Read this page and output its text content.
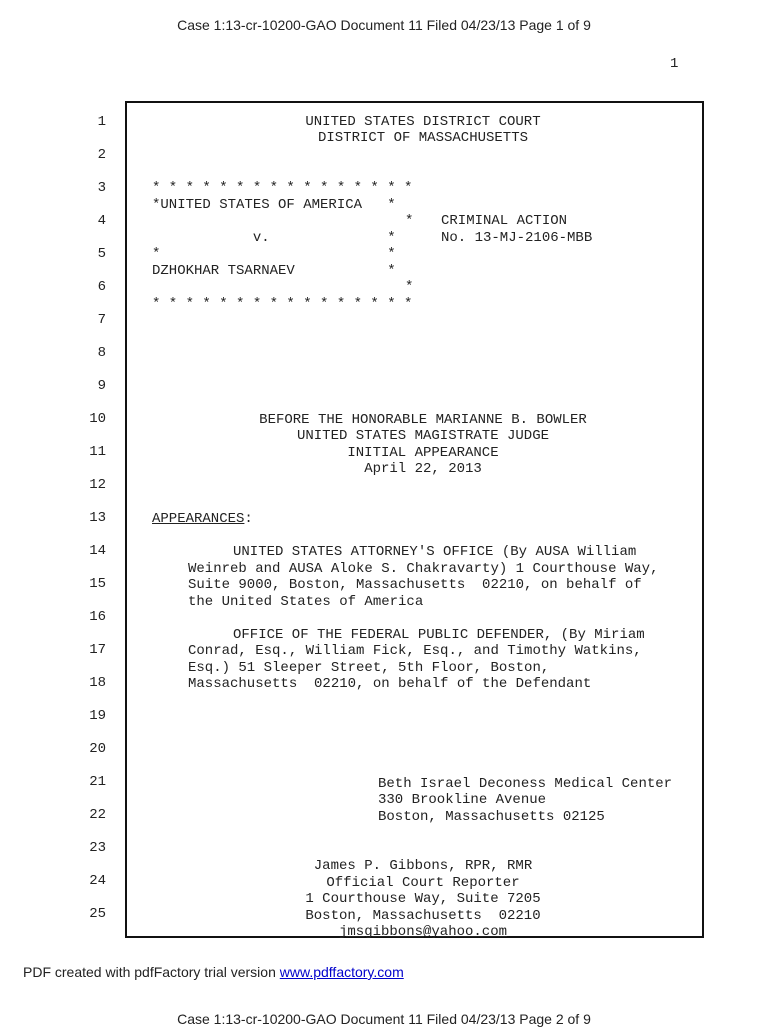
Case 1:13-cr-10200-GAO Document 11 Filed 04/23/13 Page 1 of 9
1
1
2
3
4
5
6
7
8
9
10
11
12
13
14
15
16
17
18
19
20
21
22
23
24
25
UNITED STATES DISTRICT COURT
DISTRICT OF MASSACHUSETTS
* * * * * * * * * * * * * * * *
*UNITED STATES OF AMERICA   *
*
v.              *
*                           *
DZHOKHAR TSARNAEV           *
*
* * * * * * * * * * * * * * * *
CRIMINAL ACTION
No. 13-MJ-2106-MBB
BEFORE THE HONORABLE MARIANNE B. BOWLER
UNITED STATES MAGISTRATE JUDGE
INITIAL APPEARANCE
April 22, 2013
APPEARANCES:
UNITED STATES ATTORNEY'S OFFICE (By AUSA William
Weinreb and AUSA Aloke S. Chakravarty) 1 Courthouse Way,
Suite 9000, Boston, Massachusetts  02210, on behalf of
the United States of America
OFFICE OF THE FEDERAL PUBLIC DEFENDER, (By Miriam
Conrad, Esq., William Fick, Esq., and Timothy Watkins,
Esq.) 51 Sleeper Street, 5th Floor, Boston,
Massachusetts  02210, on behalf of the Defendant
Beth Israel Deconess Medical Center
330 Brookline Avenue
Boston, Massachusetts 02125
James P. Gibbons, RPR, RMR
Official Court Reporter
1 Courthouse Way, Suite 7205
Boston, Massachusetts  02210
jmsgibbons@yahoo.com
PDF created with pdfFactory trial version www.pdffactory.com
Case 1:13-cr-10200-GAO Document 11 Filed 04/23/13 Page 2 of 9
